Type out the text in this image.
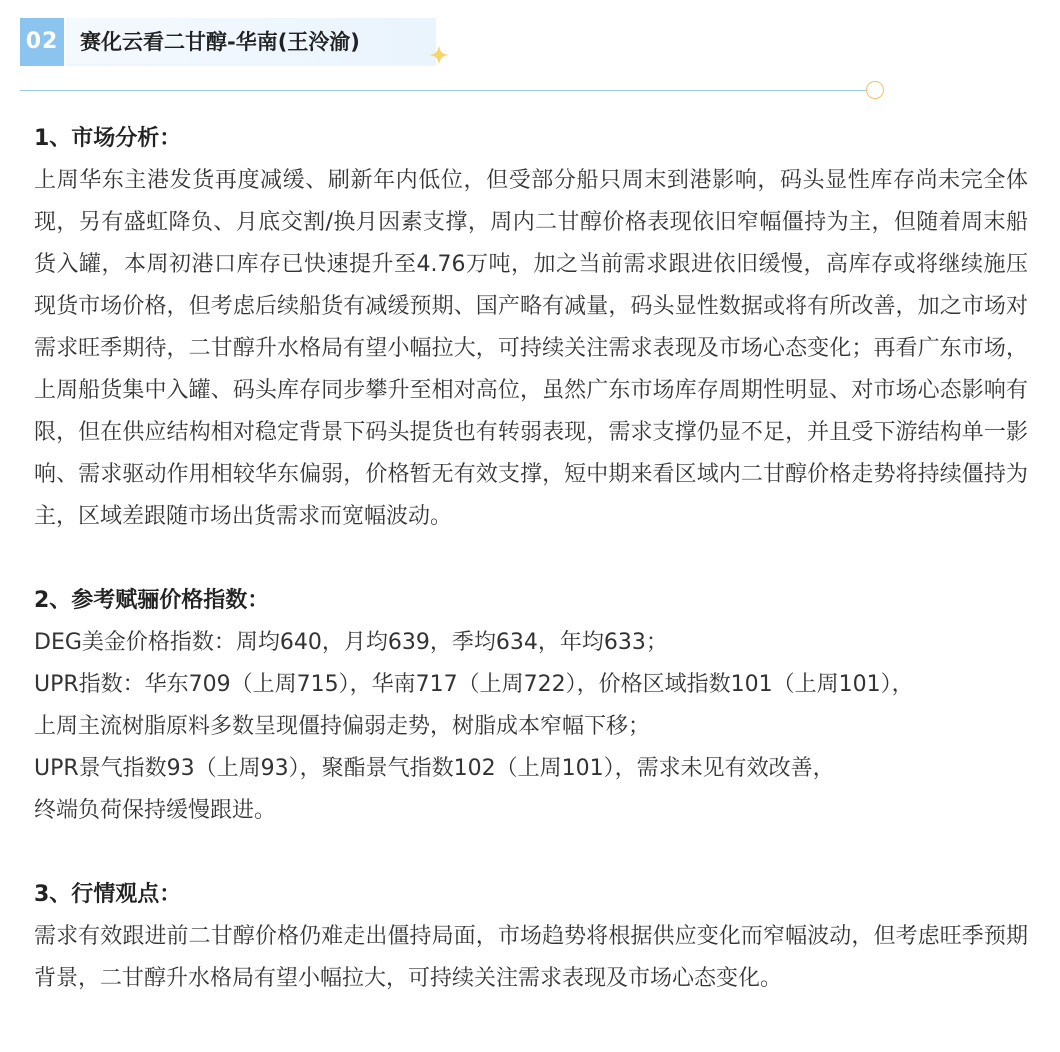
02 赛化云看二甘醇-华南(王泠渝)

1、市场分析：

上周华东主港发货再度减缓、刷新年内低位，但受部分船只周末到港影响，码头显性库存尚未完全体现，另有盛虹降负、月底交割/换月因素支撑，周内二甘醇价格表现依旧窄幅僵持为主，但随着周末船货入罐，本周初港口库存已快速提升至4.76万吨，加之当前需求跟进依旧缓慢，高库存或将继续施压现货市场价格，但考虑后续船货有减缓预期、国产略有减量，码头显性数据或将有所改善，加之市场对需求旺季期待，二甘醇升水格局有望小幅拉大，可持续关注需求表现及市场心态变化；再看广东市场，上周船货集中入罐、码头库存同步攀升至相对高位，虽然广东市场库存周期性明显、对市场心态影响有限，但在供应结构相对稳定背景下码头提货也有转弱表现，需求支撑仍显不足，并且受下游结构单一影响、需求驱动作用相较华东偏弱，价格暂无有效支撑，短中期来看区域内二甘醇价格走势将持续僵持为主，区域差跟随市场出货需求而宽幅波动。

2、参考赋骊价格指数：

DEG美金价格指数：周均640，月均639，季均634，年均633；

UPR指数：华东709（上周715），华南717（上周722），价格区域指数101（上周101），

上周主流树脂原料多数呈现僵持偏弱走势，树脂成本窄幅下移；

UPR景气指数93（上周93），聚酯景气指数102（上周101），需求未见有效改善，

终端负荷保持缓慢跟进。

3、行情观点：

需求有效跟进前二甘醇价格仍难走出僵持局面，市场趋势将根据供应变化而窄幅波动，但考虑旺季预期背景，二甘醇升水格局有望小幅拉大，可持续关注需求表现及市场心态变化。
